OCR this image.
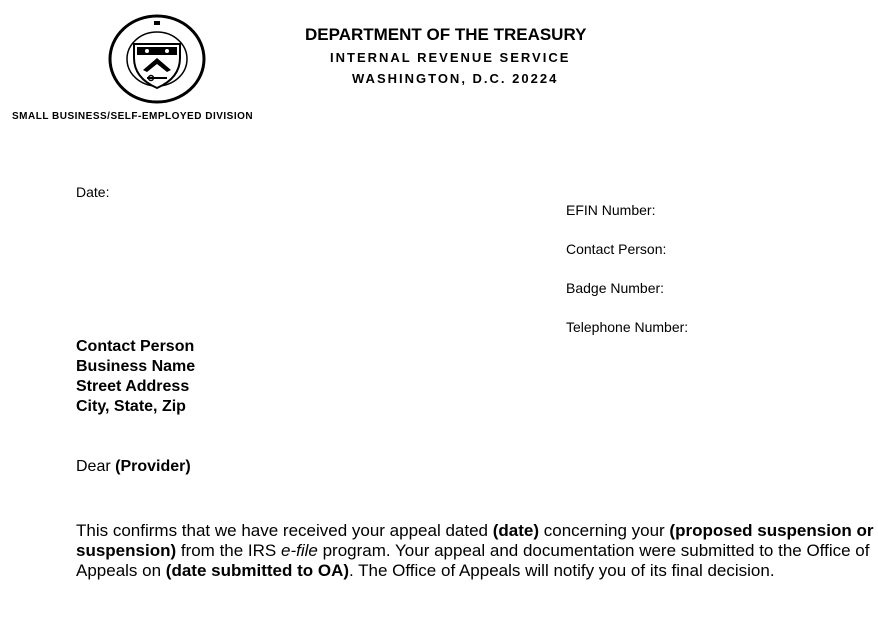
SMALL BUSINESS/SELF-EMPLOYED DIVISION
DEPARTMENT OF THE TREASURY
INTERNAL REVENUE SERVICE
WASHINGTON, D.C. 20224
Date:
EFIN Number:
Contact Person:
Badge Number:
Telephone Number:
Contact Person
Business Name
Street Address
City, State, Zip
Dear (Provider)
This confirms that we have received your appeal dated (date) concerning your (proposed suspension or suspension) from the IRS e-file program. Your appeal and documentation were submitted to the Office of Appeals on (date submitted to OA). The Office of Appeals will notify you of its final decision.
